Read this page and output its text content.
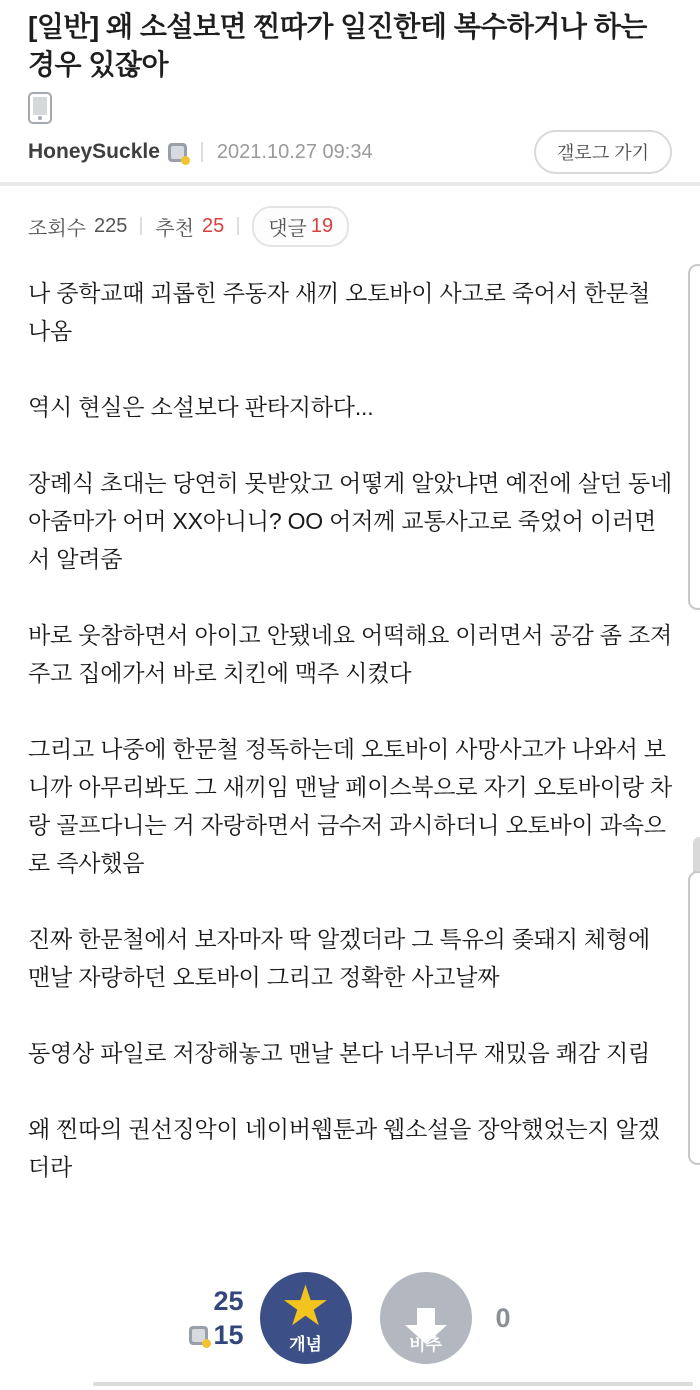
[일반] 왜 소설보면 찐따가 일진한테 복수하거나 하는 경우 있잖아
HoneySuckle	2021.10.27 09:34	갤로그 가기
조회수 225 추천 25 댓글 19

나 중학교때 괴롭힌 주동자 새끼 오토바이 사고로 죽어서 한문철 나옴

역시 현실은 소설보다 판타지하다...

장례식 초대는 당연히 못받았고 어떻게 알았냐면 예전에 살던 동네 아줌마가 어머 XX아니니? OO 어저께 교통사고로 죽었어 이러면서 알려줌

바로 웃참하면서 아이고 안됐네요 어떡해요 이러면서 공감 좀 조져주고 집에가서 바로 치킨에 맥주 시켰다

그리고 나중에 한문철 정독하는데 오토바이 사망사고가 나와서 보니까 아무리봐도 그 새끼임 맨날 페이스북으로 자기 오토바이랑 차랑 골프다니는 거 자랑하면서 금수저 과시하더니 오토바이 과속으로 즉사했음

진짜 한문철에서 보자마자 딱 알겠더라 그 특유의 좆돼지 체형에 맨날 자랑하던 오토바이 그리고 정확한 사고날짜

동영상 파일로 저장해놓고 맨날 본다 너무너무 재밌음 쾌감 지림

왜 찐따의 권선징악이 네이버웹툰과 웹소설을 장악했었는지 알겠더라

25
15 ★
개념	비추
0
